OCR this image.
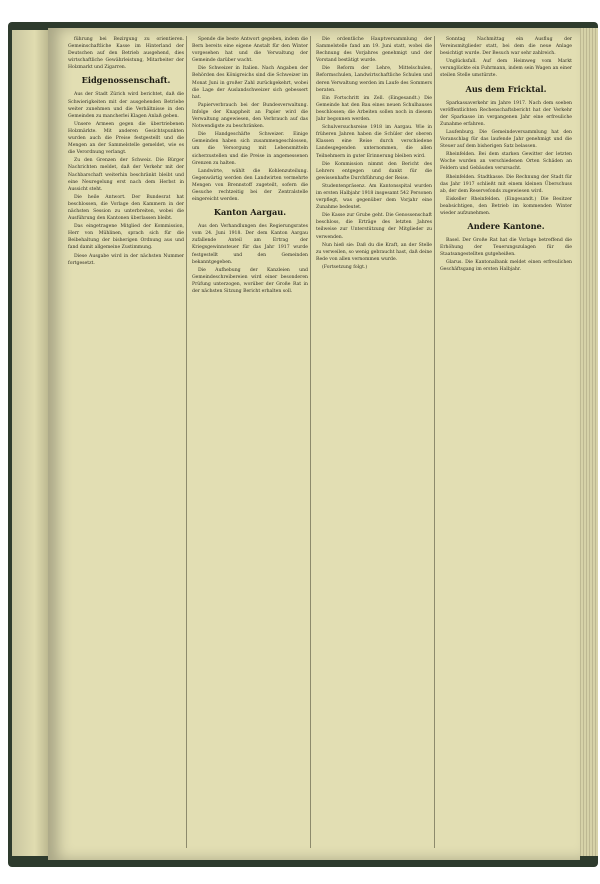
führung bei Bezirgung zu orientieren. Gemeinschaftliche Kasse im Hinterland der Deutschen auf den Betrieb ausgehend, dies wirtschaftliche Gewährleistung, Mitarbeiter der Holzmarkt und Zigarren.

Eidgenossenschaft.

Aus der Stadt Zürich wird berichtet, daß die Schwierigkeiten mit der ausgehenden Betriebe weiter zunehmen und die Verhältnisse in den Gemeinden zu mancherlei Klagen Anlaß geben.

Unsere Armeen gegen die übertriebenen Holzmärkte. Mit anderen Gesichtspunkten wurden auch die Preise festgestellt und die Mengen an der Sammelstelle gemeldet, wie es die Verordnung verlangt.

Zu den Grenzen der Schweiz. Die Bürger Nachrichten meldet, daß der Verkehr mit der Nachbarschaft weiterhin beschränkt bleibt und eine Neuregelung erst nach dem Herbst in Aussicht steht.

Die heile Antwort. Der Bundesrat hat beschlossen, die Vorlage den Kammern in der nächsten Session zu unterbreiten, wobei die Ausführung den Kantonen überlassen bleibt.

Das eingetragene Mitglied der Kommission, Herr von Mühlinen, sprach sich für die Beibehaltung der bisherigen Ordnung aus und fand damit allgemeine Zustimmung.

Diese Ausgabe wird in der nächsten Nummer fortgesetzt.

Spende die beste Antwort gegeben, indem die Bern bereits eine eigene Anstalt für den Winter vorgesehen hat und die Verwaltung der Gemeinde darüber wacht.

Die Schweizer in Italien. Nach Angaben der Behörden des Königreichs sind die Schweizer im Monat Juni in großer Zahl zurückgekehrt, wobei die Lage der Auslandschweizer sich gebessert hat.

Papierverbrauch bei der Bundesverwaltung. Infolge der Knappheit an Papier wird die Verwaltung angewiesen, den Verbrauch auf das Notwendigste zu beschränken.

Die Handgeschäfte Schweizer. Einige Gemeinden haben sich zusammengeschlossen, um die Versorgung mit Lebensmitteln sicherzustellen und die Preise in angemessenen Grenzen zu halten.

Landwirte, wählt die Kohlenzuteilung. Gegenwärtig werden den Landwirten vermehrte Mengen von Brennstoff zugeteilt, sofern die Gesuche rechtzeitig bei der Zentralstelle eingereicht werden.

Kanton Aargau.

Aus den Verhandlungen des Regierungsrates vom 24. Juni 1918. Der dem Kanton Aargau zufallende Anteil am Ertrag der Kriegsgewinnsteuer für das Jahr 1917 wurde festgestellt und den Gemeinden bekanntgegeben.

Die Aufhebung der Kanzleien und Gemeindeschreibereien wird einer besonderen Prüfung unterzogen, worüber der Große Rat in der nächsten Sitzung Bericht erhalten soll.

Die ordentliche Hauptversammlung der Sammelstelle fand am 19. Juni statt, wobei die Rechnung des Vorjahres genehmigt und der Vorstand bestätigt wurde.

Die Reform der Lehre, Mittelschulen, Reformschulen, Landwirtschaftliche Schulen und deren Verwaltung werden im Laufe des Sommers beraten.

Ein Fortschritt im Zell. (Eingesandt.) Die Gemeinde hat den Bau eines neuen Schulhauses beschlossen; die Arbeiten sollen noch in diesem Jahr begonnen werden.

Schulversuchsreise 1918 im Aargau. Wie in früheren Jahren haben die Schüler der oberen Klassen eine Reise durch verschiedene Landesgegenden unternommen, die allen Teilnehmern in guter Erinnerung bleiben wird.

Die Kommission nimmt den Bericht des Lehrers entgegen und dankt für die gewissenhafte Durchführung der Reise.

Studentenpräsenz. Am Kantonsspital wurden im ersten Halbjahr 1918 insgesamt 542 Personen verpflegt, was gegenüber dem Vorjahr eine Zunahme bedeutet.

Die Kasse zur Grube geht. Die Genossenschaft beschloss, die Erträge des letzten Jahres teilweise zur Unterstützung der Mitglieder zu verwenden.

Nun hieß sie: Daß du die Kraft, an der Stelle zu verweilen, so wenig gebraucht hast, daß deine Rede von allen vernommen wurde.

(Fortsetzung folgt.)

Sonntag Nachmittag ein Ausflug der Vereinsmitglieder statt, bei dem die neue Anlage besichtigt wurde. Der Besuch war sehr zahlreich.

Unglücksfall. Auf dem Heimweg vom Markt verunglückte ein Fuhrmann, indem sein Wagen an einer steilen Stelle umstürzte.

Aus dem Fricktal.

Sparkassaverkehr im Jahre 1917. Nach dem soeben veröffentlichten Rechenschaftsbericht hat der Verkehr der Sparkasse im vergangenen Jahr eine erfreuliche Zunahme erfahren.

Laufenburg. Die Gemeindeversammlung hat den Voranschlag für das laufende Jahr genehmigt und die Steuer auf dem bisherigen Satz belassen.

Rheinfelden. Bei dem starken Gewitter der letzten Woche wurden an verschiedenen Orten Schäden an Feldern und Gebäuden verursacht.

Rheinfelden. Stadtkasse. Die Rechnung der Stadt für das Jahr 1917 schließt mit einem kleinen Überschuss ab, der dem Reservefonds zugewiesen wird.

Eiskeller Rheinfelden. (Eingesandt.) Die Besitzer beabsichtigen, den Betrieb im kommenden Winter wieder aufzunehmen.

Andere Kantone.

Basel. Der Große Rat hat die Vorlage betreffend die Erhöhung der Teuerungszulagen für die Staatsangestellten gutgeheißen.

Glarus. Die Kantonalbank meldet einen erfreulichen Geschäftsgang im ersten Halbjahr.
